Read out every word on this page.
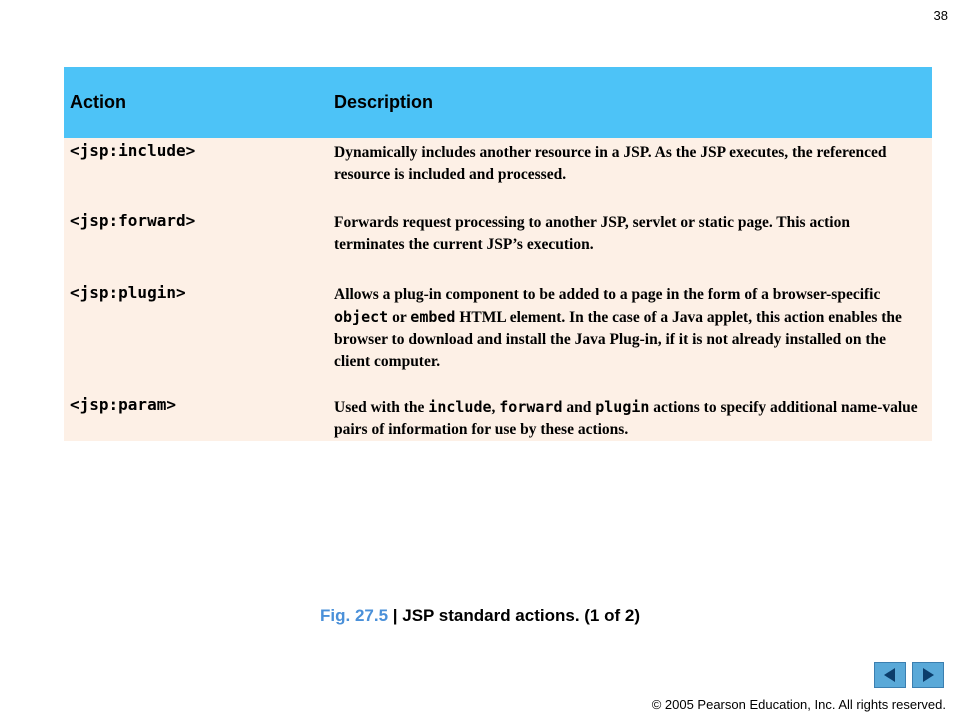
38
Action	Description
<jsp:include>	Dynamically includes another resource in a JSP. As the JSP executes, the referenced resource is included and processed.
<jsp:forward>	Forwards request processing to another JSP, servlet or static page. This action terminates the current JSP’s execution.
<jsp:plugin>	Allows a plug-in component to be added to a page in the form of a browser-specific object or embed HTML element. In the case of a Java applet, this action enables the browser to download and install the Java Plug-in, if it is not already installed on the client computer.
<jsp:param>	Used with the include, forward and plugin actions to specify additional name-value pairs of information for use by these actions.
Fig. 27.5 | JSP standard actions. (1 of 2)
© 2005 Pearson Education, Inc. All rights reserved.
